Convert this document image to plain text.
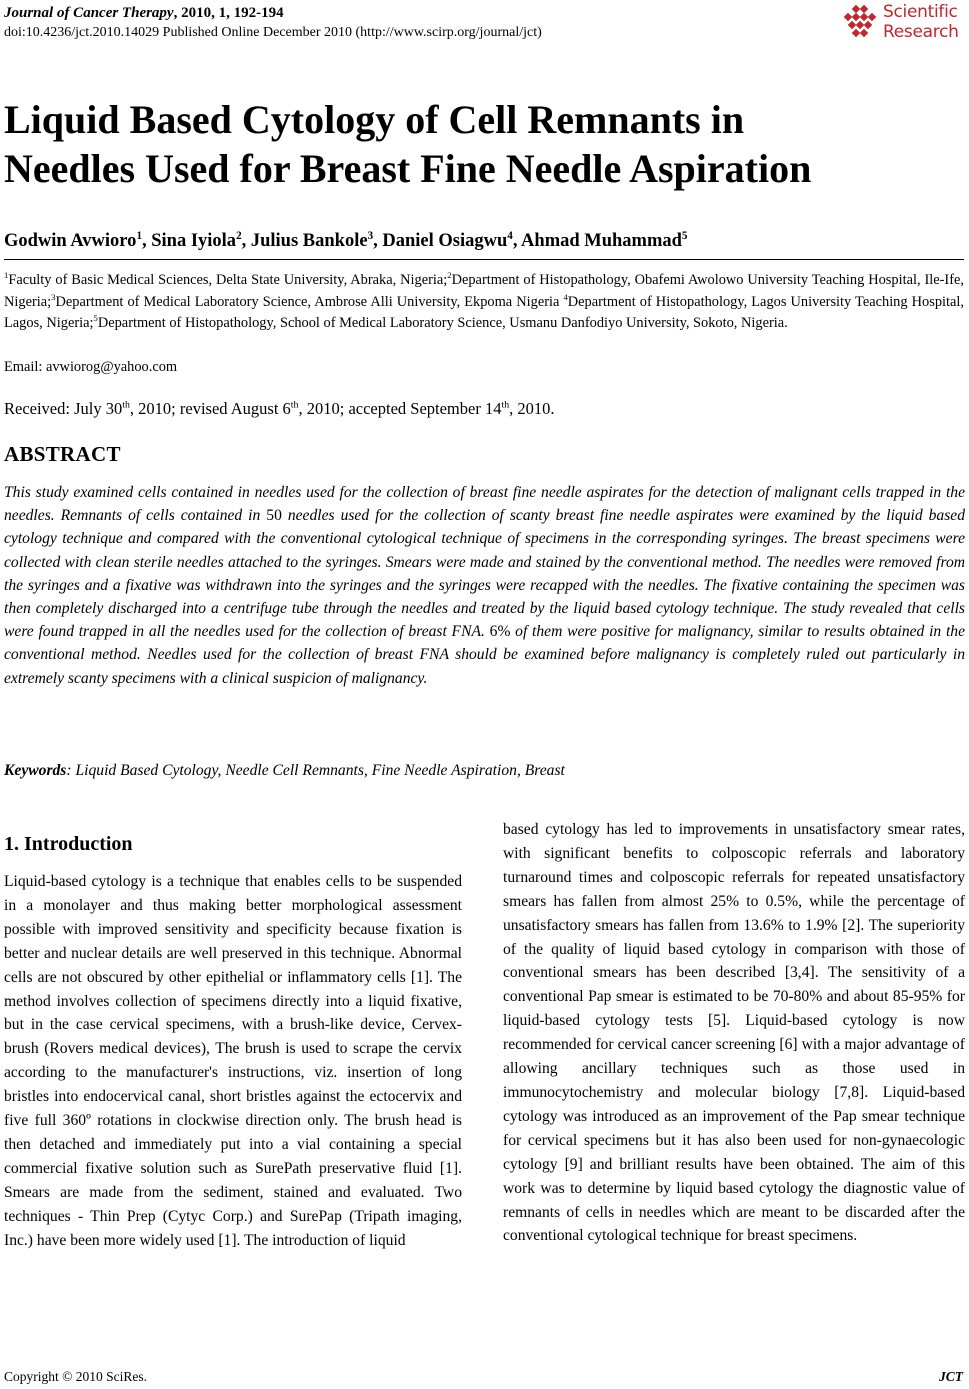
Journal of Cancer Therapy, 2010, 1, 192-194
doi:10.4236/jct.2010.14029 Published Online December 2010 (http://www.scirp.org/journal/jct)
Scientific
Research
Liquid Based Cytology of Cell Remnants in
Needles Used for Breast Fine Needle Aspiration
Godwin Avwioro$^1$, Sina Iyiola$^2$, Julius Bankole$^3$, Daniel Osiagwu$^4$, Ahmad Muhammad$^5$
$^1$Faculty of Basic Medical Sciences, Delta State University, Abraka, Nigeria;$^2$Department of Histopathology, Obafemi Awolowo University Teaching Hospital, Ile-Ife, Nigeria;$^3$Department of Medical Laboratory Science, Ambrose Alli University, Ekpoma Nigeria $^4$Department of Histopathology, Lagos University Teaching Hospital, Lagos, Nigeria;$^5$Department of Histopathology, School of Medical Laboratory Science, Usmanu Danfodiyo University, Sokoto, Nigeria.
Email: avwiorog@yahoo.com
Received: July 30th, 2010; revised August 6th, 2010; accepted September 14th, 2010.
ABSTRACT

This study examined cells contained in needles used for the collection of breast fine needle aspirates for the detection of malignant cells trapped in the needles. Remnants of cells contained in 50 needles used for the collection of scanty breast fine needle aspirates were examined by the liquid based cytology technique and compared with the conventional cytological technique of specimens in the corresponding syringes. The breast specimens were collected with clean sterile needles attached to the syringes. Smears were made and stained by the conventional method. The needles were removed from the syringes and a fixative was withdrawn into the syringes and the syringes were recapped with the needles. The fixative containing the specimen was then completely discharged into a centrifuge tube through the needles and treated by the liquid based cytology technique. The study revealed that cells were found trapped in all the needles used for the collection of breast FNA. 6% of them were positive for malignancy, similar to results obtained in the conventional method. Needles used for the collection of breast FNA should be examined before malignancy is completely ruled out particularly in extremely scanty specimens with a clinical suspicion of malignancy.

Keywords: Liquid Based Cytology, Needle Cell Remnants, Fine Needle Aspiration, Breast
1. Introduction

Liquid-based cytology is a technique that enables cells to be suspended in a monolayer and thus making better morphological assessment possible with improved sensitivity and specificity because fixation is better and nuclear details are well preserved in this technique. Abnormal cells are not obscured by other epithelial or inflammatory cells [1]. The method involves collection of specimens directly into a liquid fixative, but in the case cervical specimens, with a brush-like device, Cervex-brush (Rovers medical devices), The brush is used to scrape the cervix according to the manufacturer's instructions, viz. insertion of long bristles into endocervical canal, short bristles against the ectocervix and five full 360º rotations in clockwise direction only. The brush head is then detached and immediately put into a vial containing a special commercial fixative solution such as SurePath preservative fluid [1]. Smears are made from the sediment, stained and evaluated. Two techniques - Thin Prep (Cytyc Corp.) and SurePap (Tripath imaging, Inc.) have been more widely used [1]. The introduction of liquid

based cytology has led to improvements in unsatisfactory smear rates, with significant benefits to colposcopic referrals and laboratory turnaround times and colposcopic referrals for repeated unsatisfactory smears has fallen from almost 25% to 0.5%, while the percentage of unsatisfactory smears has fallen from 13.6% to 1.9% [2]. The superiority of the quality of liquid based cytology in comparison with those of conventional smears has been described [3,4]. The sensitivity of a conventional Pap smear is estimated to be 70-80% and about 85-95% for liquid-based cytology tests [5]. Liquid-based cytology is now recommended for cervical cancer screening [6] with a major advantage of allowing ancillary techniques such as those used in immunocytochemistry and molecular biology [7,8]. Liquid-based cytology was introduced as an improvement of the Pap smear technique for cervical specimens but it has also been used for non-gynaecologic cytology [9] and brilliant results have been obtained. The aim of this work was to determine by liquid based cytology the diagnostic value of remnants of cells in needles which are meant to be discarded after the conventional cytological technique for breast specimens.

Copyright © 2010 SciRes.	JCT
